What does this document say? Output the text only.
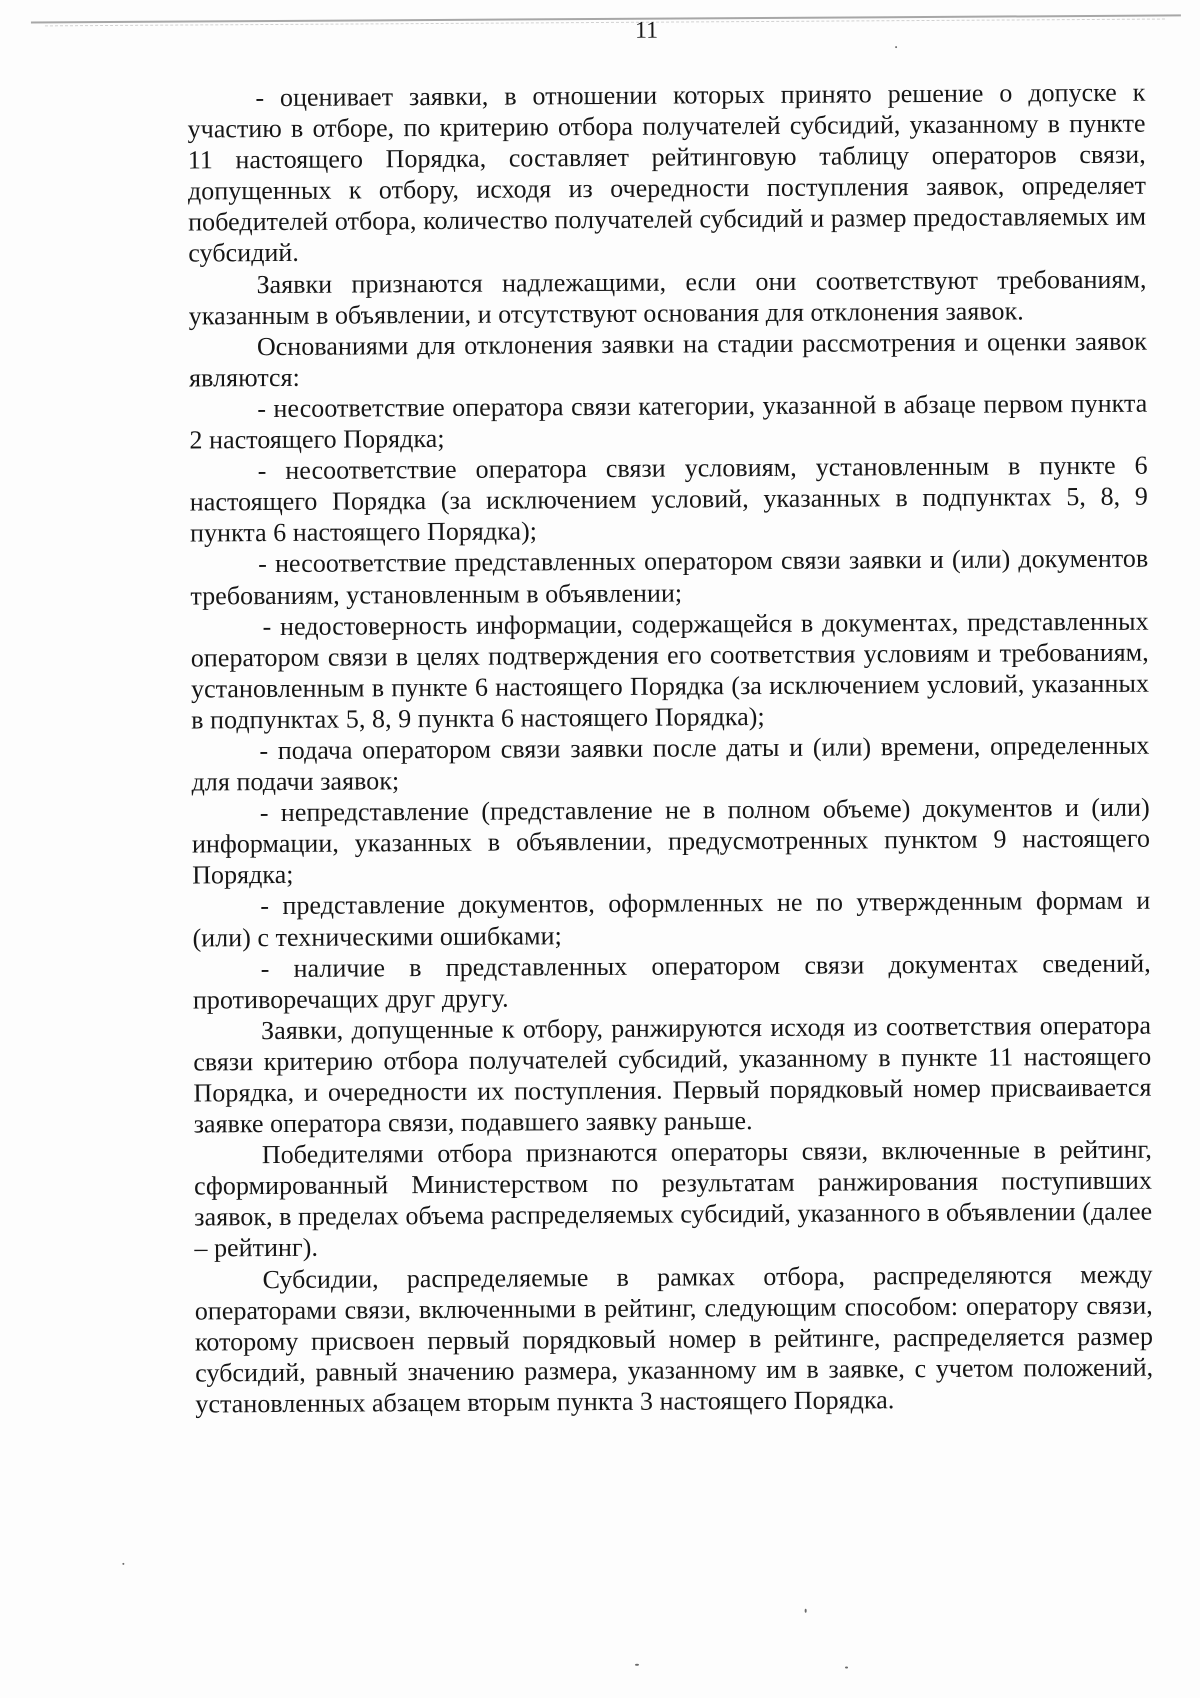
11

- оценивает заявки, в отношении которых принято решение о допуске к участию в отборе, по критерию отбора получателей субсидий, указанному в пункте 11 настоящего Порядка, составляет рейтинговую таблицу операторов связи, допущенных к отбору, исходя из очередности поступления заявок, определяет победителей отбора, количество получателей субсидий и размер предоставляемых им субсидий.

Заявки признаются надлежащими, если они соответствуют требованиям, указанным в объявлении, и отсутствуют основания для отклонения заявок.

Основаниями для отклонения заявки на стадии рассмотрения и оценки заявок являются:

- несоответствие оператора связи категории, указанной в абзаце первом пункта 2 настоящего Порядка;

- несоответствие оператора связи условиям, установленным в пункте 6 настоящего Порядка (за исключением условий, указанных в подпунктах 5, 8, 9 пункта 6 настоящего Порядка);

- несоответствие представленных оператором связи заявки и (или) документов требованиям, установленным в объявлении;

- недостоверность информации, содержащейся в документах, представленных оператором связи в целях подтверждения его соответствия условиям и требованиям, установленным в пункте 6 настоящего Порядка (за исключением условий, указанных в подпунктах 5, 8, 9 пункта 6 настоящего Порядка);

- подача оператором связи заявки после даты и (или) времени, определенных для подачи заявок;

- непредставление (представление не в полном объеме) документов и (или) информации, указанных в объявлении, предусмотренных пунктом 9 настоящего Порядка;

- представление документов, оформленных не по утвержденным формам и (или) с техническими ошибками;

- наличие в представленных оператором связи документах сведений, противоречащих друг другу.

Заявки, допущенные к отбору, ранжируются исходя из соответствия оператора связи критерию отбора получателей субсидий, указанному в пункте 11 настоящего Порядка, и очередности их поступления. Первый порядковый номер присваивается заявке оператора связи, подавшего заявку раньше.

Победителями отбора признаются операторы связи, включенные в рейтинг, сформированный Министерством по результатам ранжирования поступивших заявок, в пределах объема распределяемых субсидий, указанного в объявлении (далее – рейтинг).

Субсидии, распределяемые в рамках отбора, распределяются между операторами связи, включенными в рейтинг, следующим способом: оператору связи, которому присвоен первый порядковый номер в рейтинге, распределяется размер субсидий, равный значению размера, указанному им в заявке, с учетом положений, установленных абзацем вторым пункта 3 настоящего Порядка.
